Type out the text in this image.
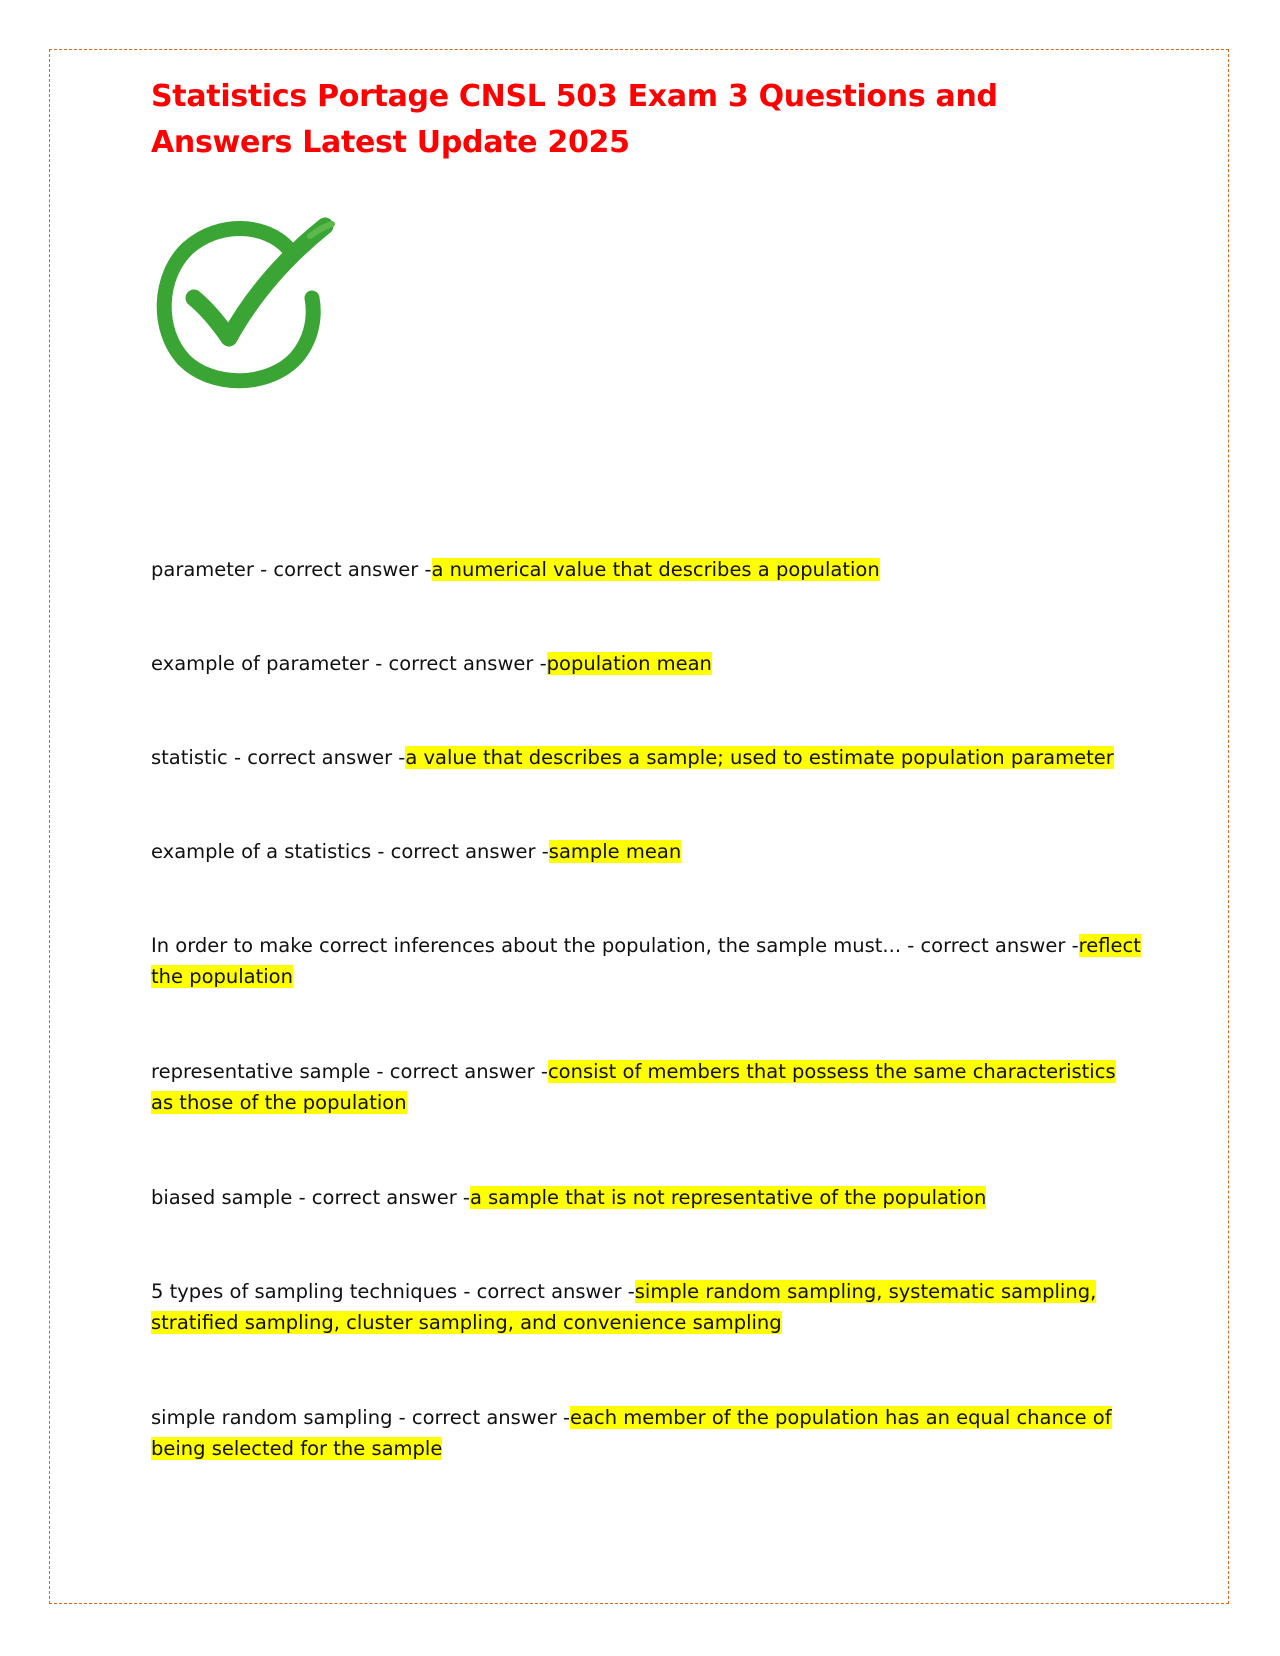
Statistics Portage CNSL 503 Exam 3 Questions and Answers Latest Update 2025
parameter - correct answer -a numerical value that describes a population
example of parameter - correct answer -population mean
statistic - correct answer -a value that describes a sample; used to estimate population parameter
example of a statistics - correct answer -sample mean
In order to make correct inferences about the population, the sample must... - correct answer -reflect the population
representative sample - correct answer -consist of members that possess the same characteristics as those of the population
biased sample - correct answer -a sample that is not representative of the population
5 types of sampling techniques - correct answer -simple random sampling, systematic sampling, stratified sampling, cluster sampling, and convenience sampling
simple random sampling - correct answer -each member of the population has an equal chance of being selected for the sample
